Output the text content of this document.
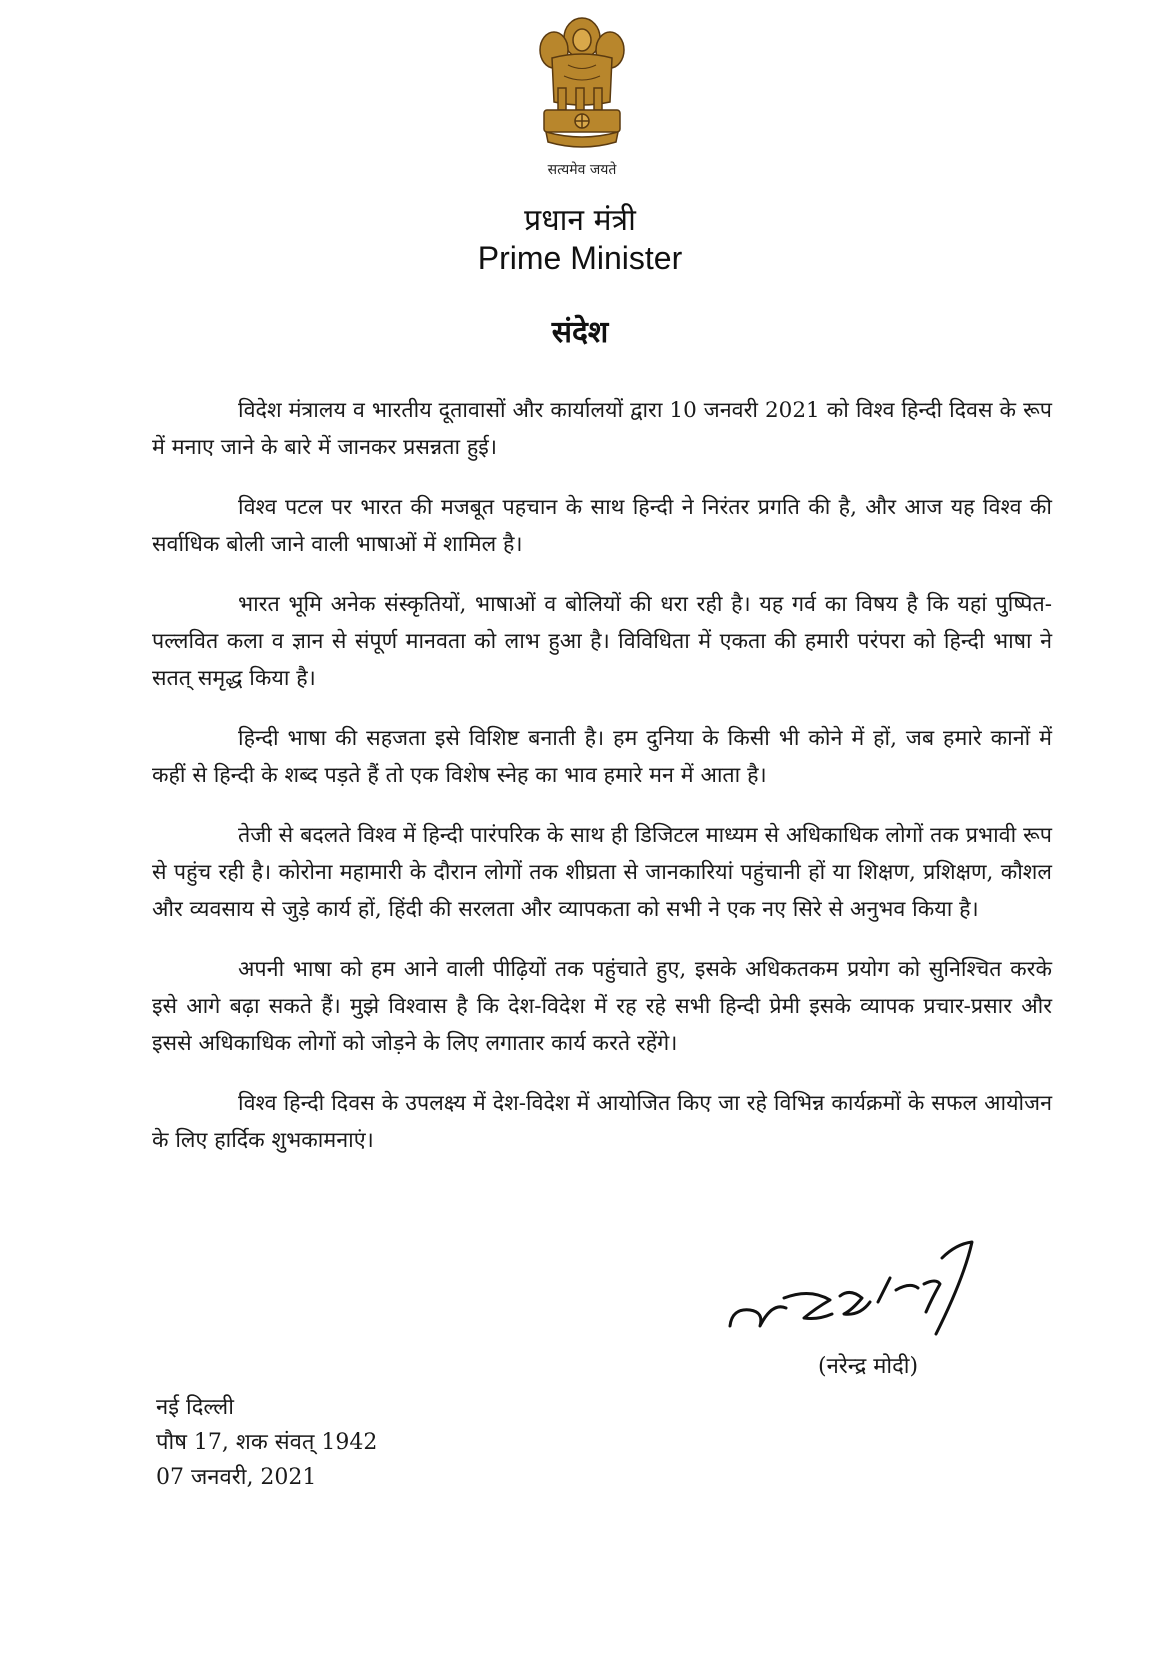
सत्यमेव जयते
प्रधान मंत्री
Prime Minister
संदेश

विदेश मंत्रालय व भारतीय दूतावासों और कार्यालयों द्वारा 10 जनवरी 2021 को विश्व हिन्दी दिवस के रूप में मनाए जाने के बारे में जानकर प्रसन्नता हुई।

विश्व पटल पर भारत की मजबूत पहचान के साथ हिन्दी ने निरंतर प्रगति की है, और आज यह विश्व की सर्वाधिक बोली जाने वाली भाषाओं में शामिल है।

भारत भूमि अनेक संस्कृतियों, भाषाओं व बोलियों की धरा रही है। यह गर्व का विषय है कि यहां पुष्पित-पल्लवित कला व ज्ञान से संपूर्ण मानवता को लाभ हुआ है। विविधिता में एकता की हमारी परंपरा को हिन्दी भाषा ने सतत् समृद्ध किया है।

हिन्दी भाषा की सहजता इसे विशिष्ट बनाती है। हम दुनिया के किसी भी कोने में हों, जब हमारे कानों में कहीं से हिन्दी के शब्द पड़ते हैं तो एक विशेष स्नेह का भाव हमारे मन में आता है।

तेजी से बदलते विश्व में हिन्दी पारंपरिक के साथ ही डिजिटल माध्यम से अधिकाधिक लोगों तक प्रभावी रूप से पहुंच रही है। कोरोना महामारी के दौरान लोगों तक शीघ्रता से जानकारियां पहुंचानी हों या शिक्षण, प्रशिक्षण, कौशल और व्यवसाय से जुड़े कार्य हों, हिंदी की सरलता और व्यापकता को सभी ने एक नए सिरे से अनुभव किया है।

अपनी भाषा को हम आने वाली पीढ़ियों तक पहुंचाते हुए, इसके अधिकतकम प्रयोग को सुनिश्चित करके इसे आगे बढ़ा सकते हैं। मुझे विश्वास है कि देश-विदेश में रह रहे सभी हिन्दी प्रेमी इसके व्यापक प्रचार-प्रसार और इससे अधिकाधिक लोगों को जोड़ने के लिए लगातार कार्य करते रहेंगे।

विश्व हिन्दी दिवस के उपलक्ष्य में देश-विदेश में आयोजित किए जा रहे विभिन्न कार्यक्रमों के सफल आयोजन के लिए हार्दिक शुभकामनाएं।

(नरेन्द्र मोदी)
नई दिल्ली
पौष 17, शक संवत् 1942
07 जनवरी, 2021
